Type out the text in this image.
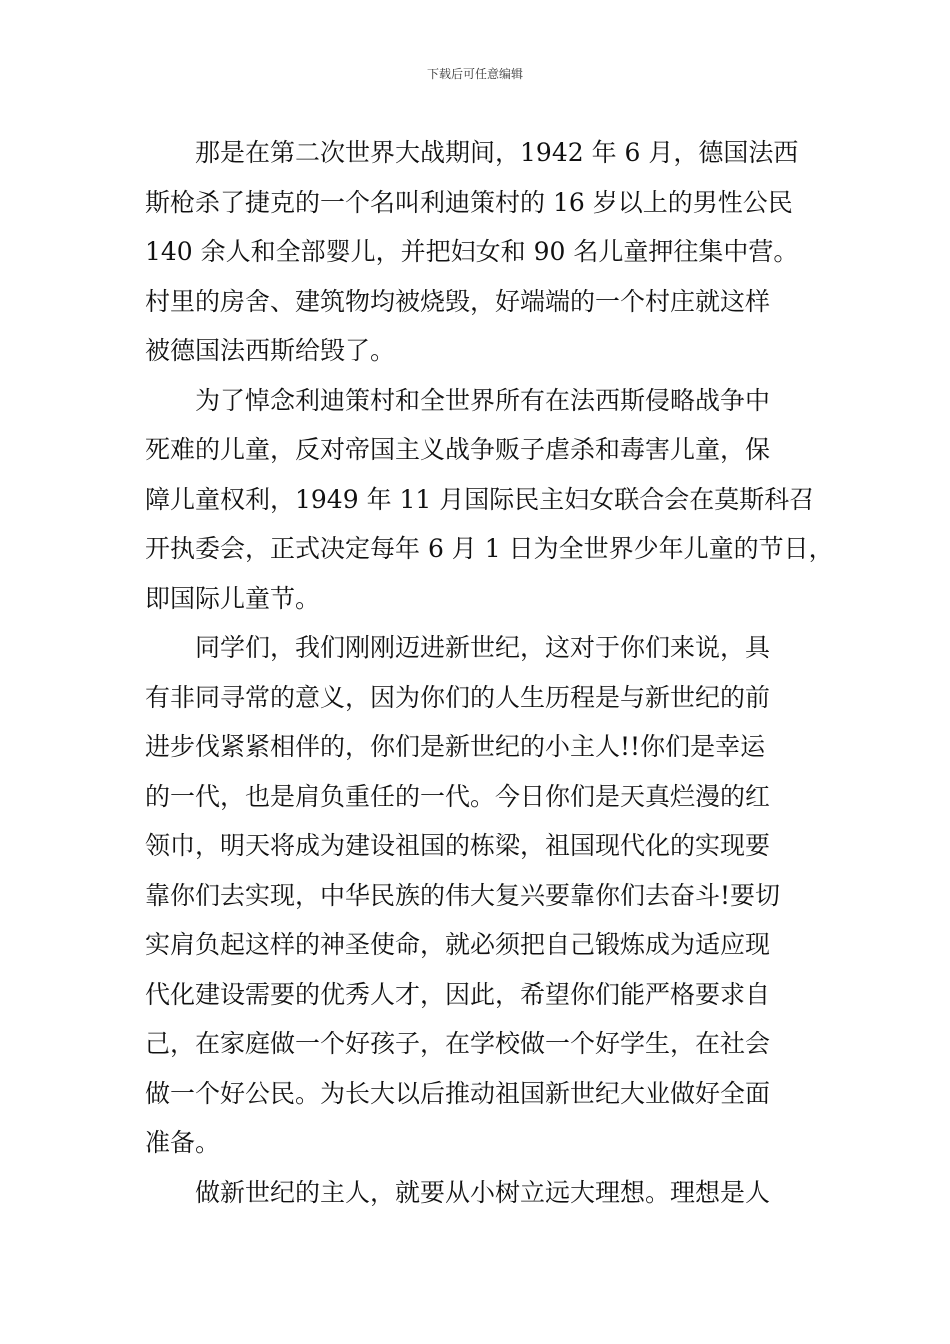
下载后可任意编辑

那是在第二次世界大战期间，1942 年 6 月，德国法西
斯枪杀了捷克的一个名叫利迪策村的 16 岁以上的男性公民
140 余人和全部婴儿，并把妇女和 90 名儿童押往集中营。
村里的房舍、建筑物均被烧毁，好端端的一个村庄就这样
被德国法西斯给毁了。

为了悼念利迪策村和全世界所有在法西斯侵略战争中
死难的儿童，反对帝国主义战争贩子虐杀和毒害儿童，保
障儿童权利，1949 年 11 月国际民主妇女联合会在莫斯科召
开执委会，正式决定每年 6 月 1 日为全世界少年儿童的节日，
即国际儿童节。

同学们，我们刚刚迈进新世纪，这对于你们来说，具
有非同寻常的意义，因为你们的人生历程是与新世纪的前
进步伐紧紧相伴的，你们是新世纪的小主人!!你们是幸运
的一代，也是肩负重任的一代。今日你们是天真烂漫的红
领巾，明天将成为建设祖国的栋梁，祖国现代化的实现要
靠你们去实现，中华民族的伟大复兴要靠你们去奋斗!要切
实肩负起这样的神圣使命，就必须把自己锻炼成为适应现
代化建设需要的优秀人才，因此，希望你们能严格要求自
己，在家庭做一个好孩子，在学校做一个好学生，在社会
做一个好公民。为长大以后推动祖国新世纪大业做好全面
准备。

做新世纪的主人，就要从小树立远大理想。理想是人
